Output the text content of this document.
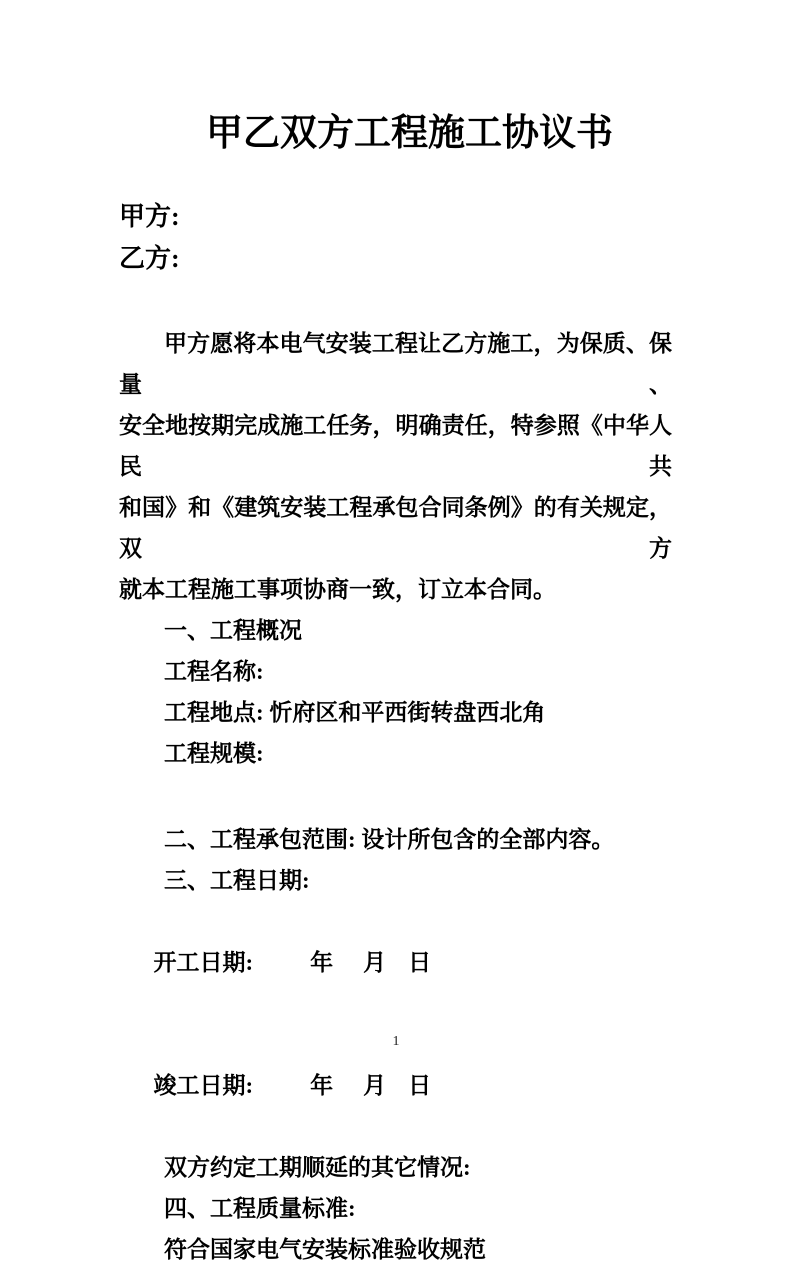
甲乙双方工程施工协议书
甲方:
乙方:
甲方愿将本电气安装工程让乙方施工，为保质、保量、
安全地按期完成施工任务，明确责任，特参照《中华人民共
和国》和《建筑安装工程承包合同条例》的有关规定，双方
就本工程施工事项协商一致，订立本合同。
一、工程概况
工程名称:
工程地点: 忻府区和平西街转盘西北角
工程规模:
二、工程承包范围: 设计所包含的全部内容。
三、工程日期:

开工日期: 年 月 日

竣工日期: 年 月 日

双方约定工期顺延的其它情况:
四、工程质量标准:
符合国家电气安装标准验收规范
1
